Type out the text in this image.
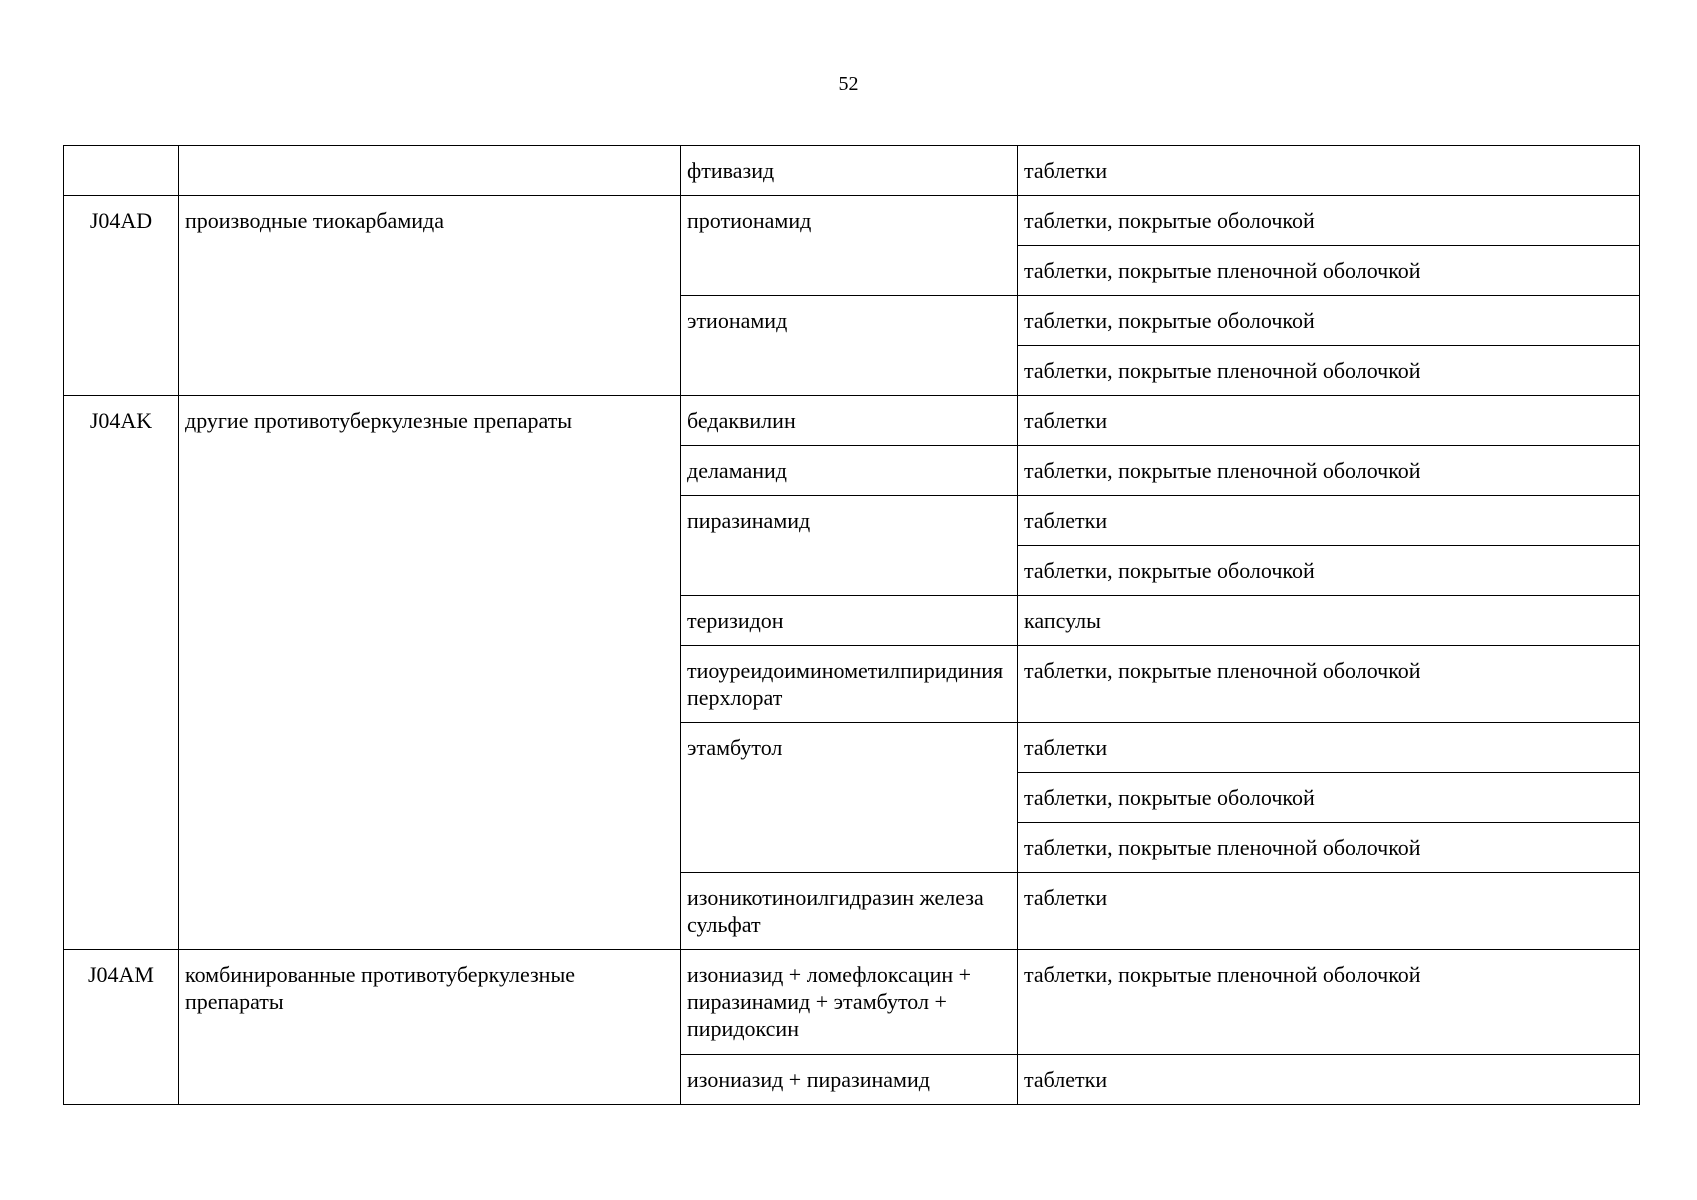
52
		фтивазид	таблетки
J04AD	производные тиокарбамида	протионамид	таблетки, покрытые оболочкой
			таблетки, покрытые пленочной оболочкой
		этионамид	таблетки, покрытые оболочкой
			таблетки, покрытые пленочной оболочкой
J04AK	другие противотуберкулезные препараты	бедаквилин	таблетки
		деламанид	таблетки, покрытые пленочной оболочкой
		пиразинамид	таблетки
			таблетки, покрытые оболочкой
		теризидон	капсулы
		тиоуреидоиминометилпиридиния перхлорат	таблетки, покрытые пленочной оболочкой
		этамбутол	таблетки
			таблетки, покрытые оболочкой
			таблетки, покрытые пленочной оболочкой
		изоникотиноилгидразин железа сульфат	таблетки
J04AM	комбинированные противотуберкулезные препараты	изониазид + ломефлоксацин + пиразинамид + этамбутол + пиридоксин	таблетки, покрытые пленочной оболочкой
		изониазид + пиразинамид	таблетки
